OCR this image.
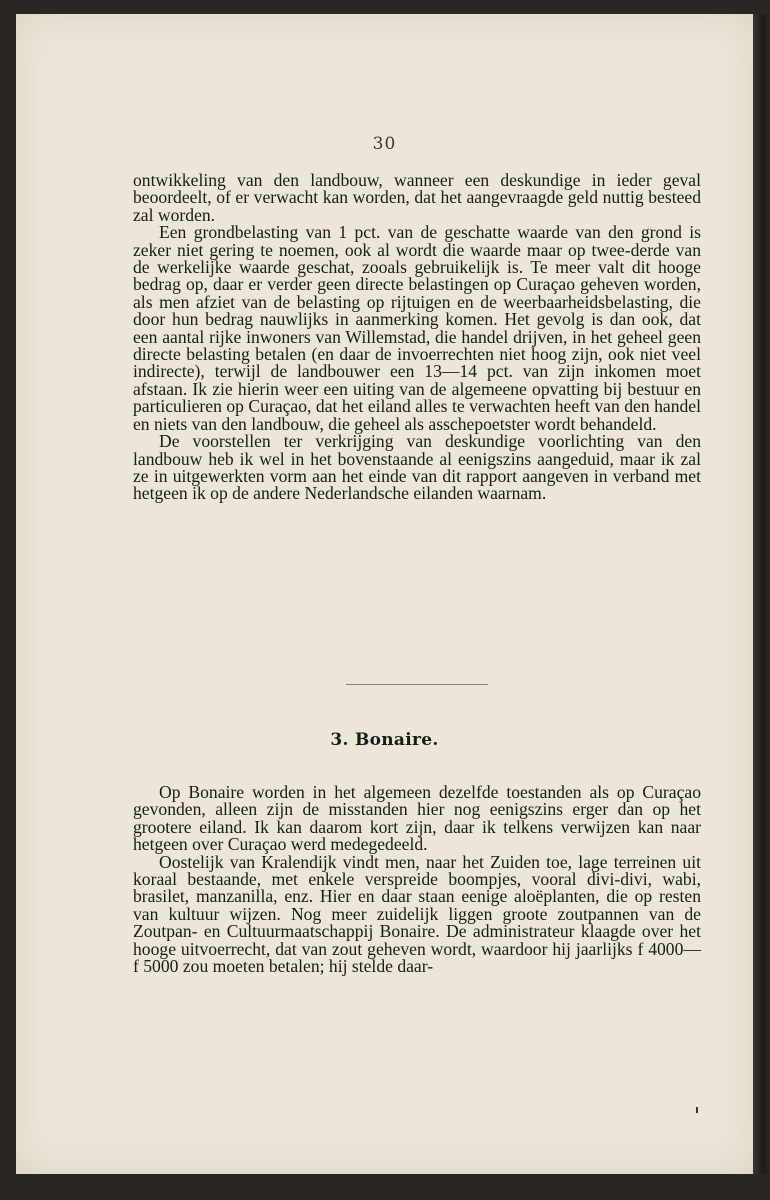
30

ontwikkeling van den landbouw, wanneer een deskundige in ieder geval beoordeelt, of er verwacht kan worden, dat het aangevraagde geld nuttig besteed zal worden.

Een grondbelasting van 1 pct. van de geschatte waarde van den grond is zeker niet gering te noemen, ook al wordt die waarde maar op twee-derde van de werkelijke waarde geschat, zooals gebruikelijk is. Te meer valt dit hooge bedrag op, daar er verder geen directe belastingen op Curaçao geheven worden, als men afziet van de belasting op rijtuigen en de weerbaarheidsbelasting, die door hun bedrag nauwlijks in aanmerking komen. Het gevolg is dan ook, dat een aantal rijke inwoners van Willemstad, die handel drijven, in het geheel geen directe belasting betalen (en daar de invoerrechten niet hoog zijn, ook niet veel indirecte), terwijl de landbouwer een 13—14 pct. van zijn inkomen moet afstaan. Ik zie hierin weer een uiting van de algemeene opvatting bij bestuur en particulieren op Curaçao, dat het eiland alles te verwachten heeft van den handel en niets van den landbouw, die geheel als asschepoetster wordt behandeld.

De voorstellen ter verkrijging van deskundige voorlichting van den landbouw heb ik wel in het bovenstaande al eenigszins aangeduid, maar ik zal ze in uitgewerkten vorm aan het einde van dit rapport aangeven in verband met hetgeen ik op de andere Nederlandsche eilanden waarnam.

3. Bonaire.

Op Bonaire worden in het algemeen dezelfde toestanden als op Curaçao gevonden, alleen zijn de misstanden hier nog eenigszins erger dan op het grootere eiland. Ik kan daarom kort zijn, daar ik telkens verwijzen kan naar hetgeen over Curaçao werd medegedeeld.

Oostelijk van Kralendijk vindt men, naar het Zuiden toe, lage terreinen uit koraal bestaande, met enkele verspreide boompjes, vooral divi-divi, wabi, brasilet, manzanilla, enz. Hier en daar staan eenige aloëplanten, die op resten van kultuur wijzen. Nog meer zuidelijk liggen groote zoutpannen van de Zoutpan- en Cultuurmaatschappij Bonaire. De administrateur klaagde over het hooge uitvoerrecht, dat van zout geheven wordt, waardoor hij jaarlijks f 4000—f 5000 zou moeten betalen; hij stelde daar-
